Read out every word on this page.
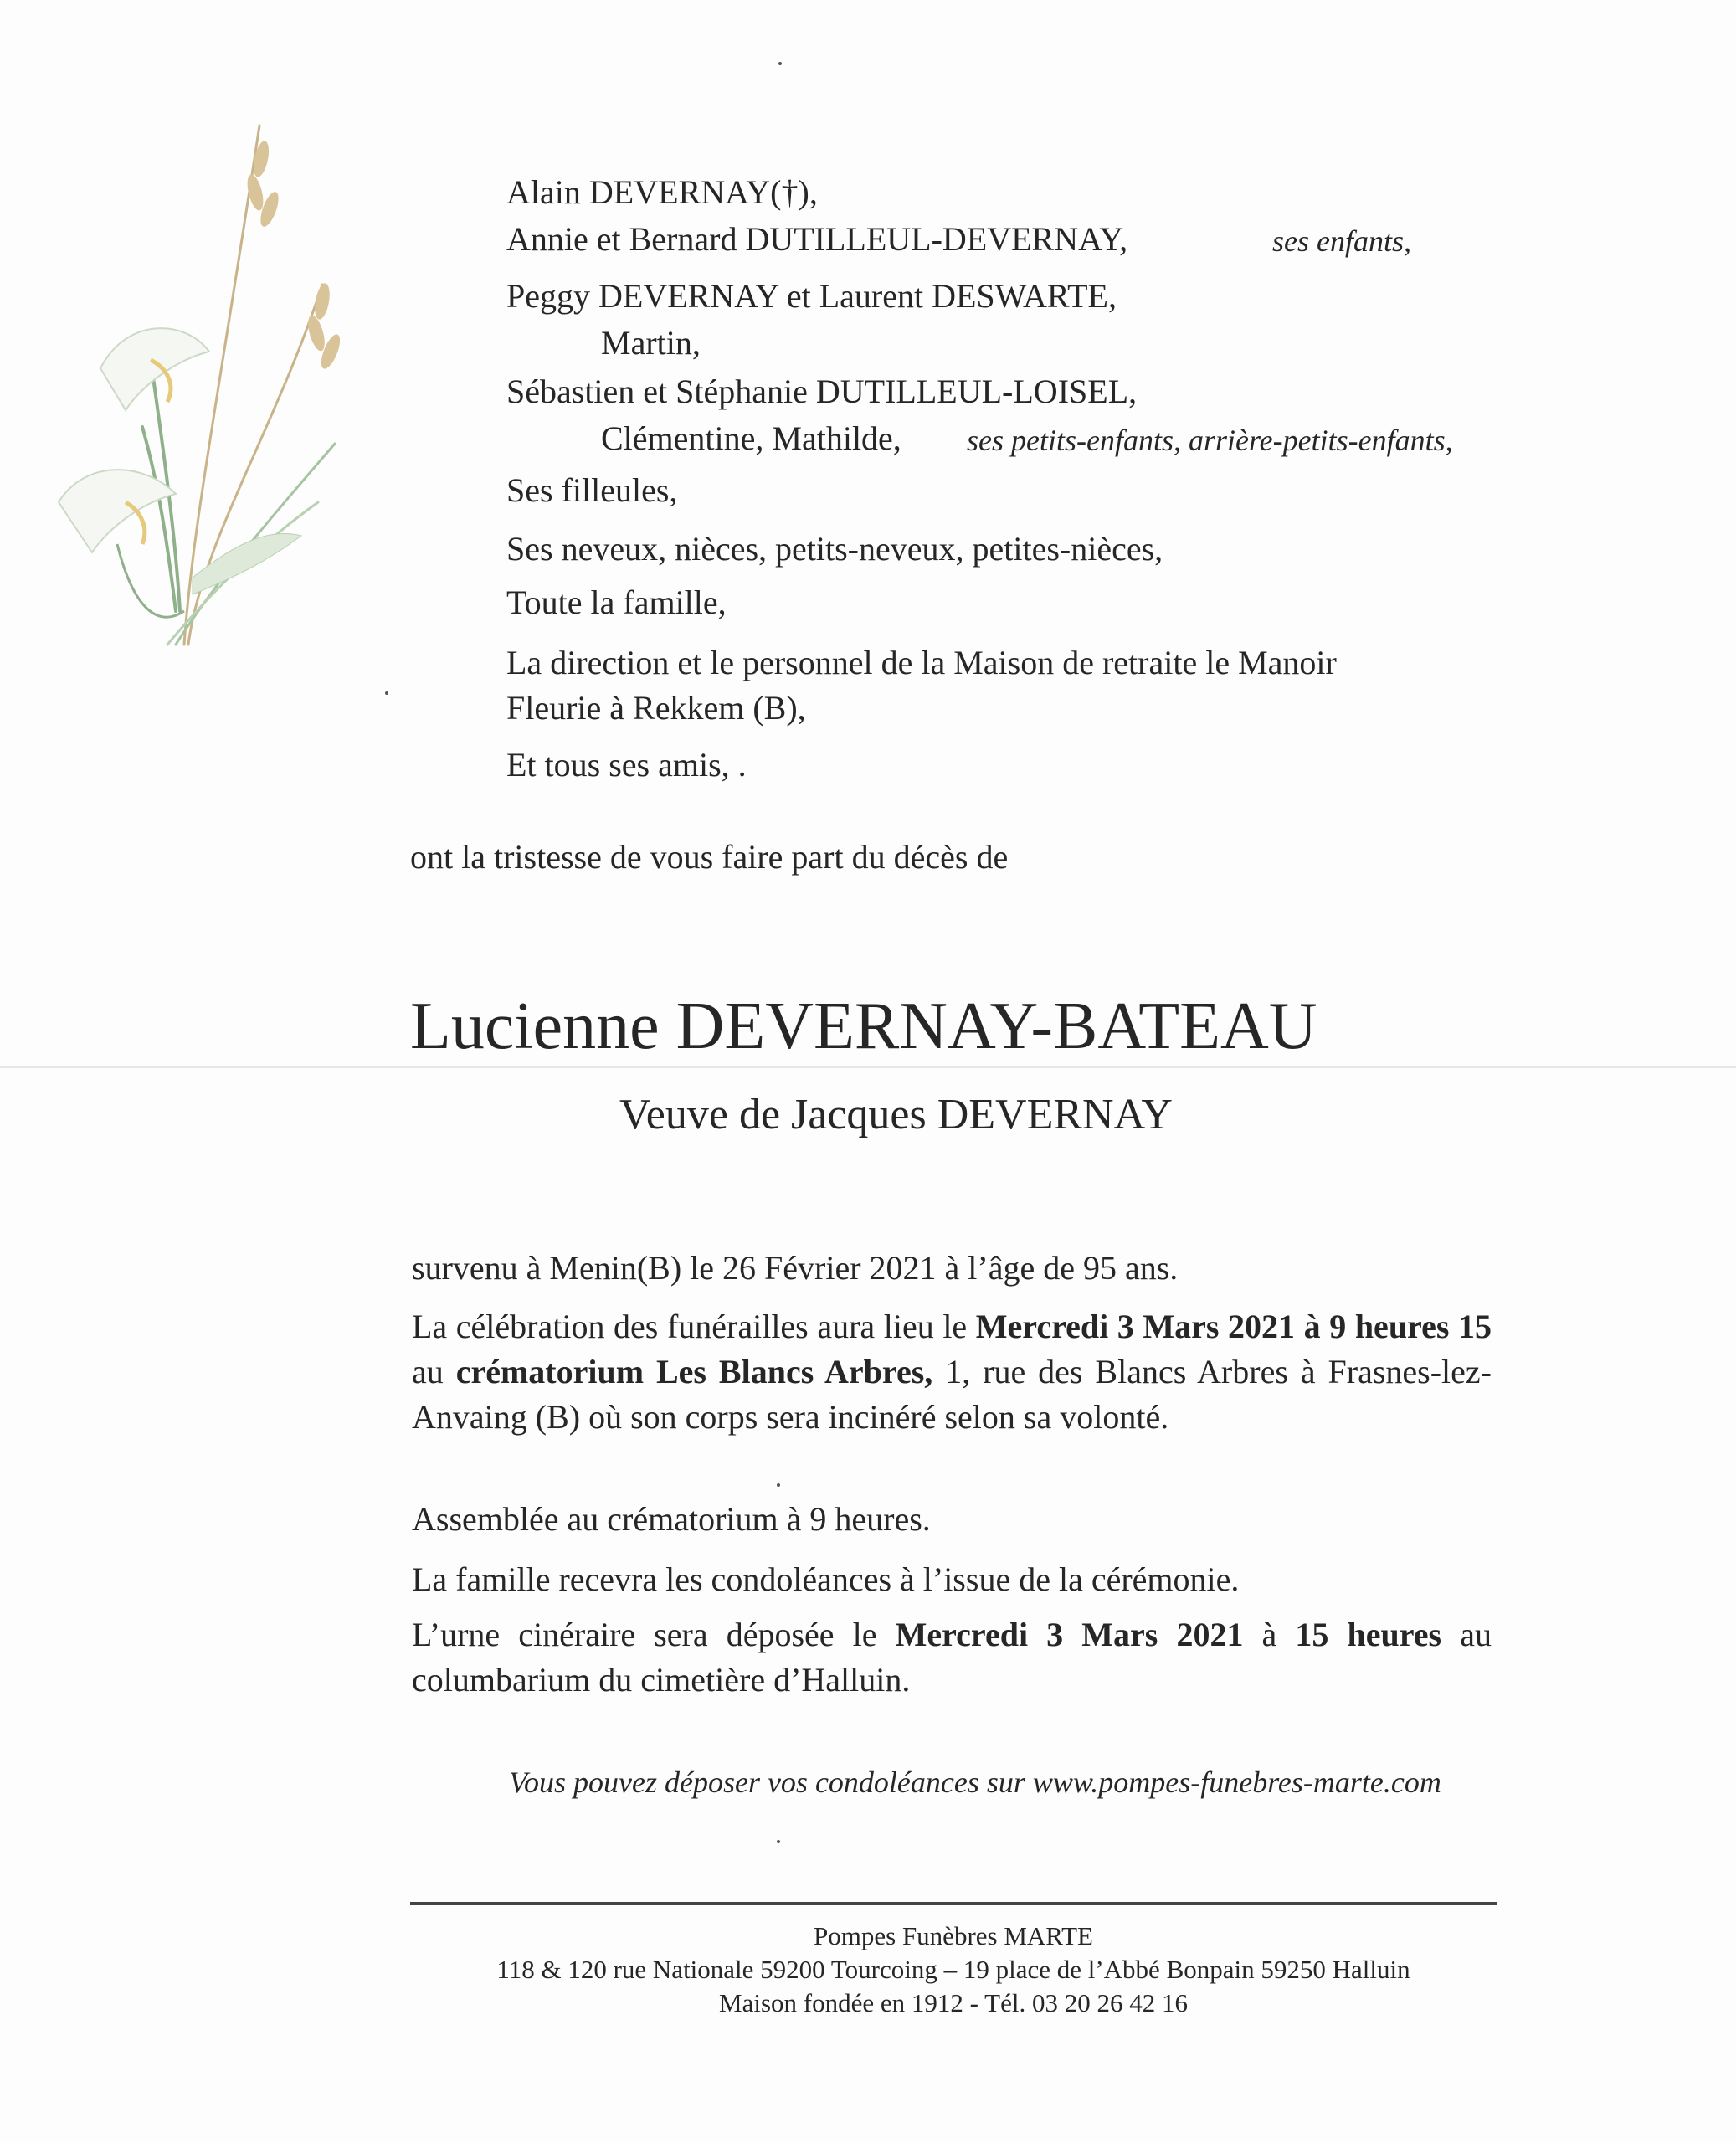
Alain DEVERNAY(†),
Annie et Bernard DUTILLEUL-DEVERNAY,	ses enfants,
Peggy DEVERNAY et Laurent DESWARTE,
Martin,
Sébastien et Stéphanie DUTILLEUL-LOISEL,
Clémentine, Mathilde, ses petits-enfants, arrière-petits-enfants,
Ses filleules,
Ses neveux, nièces, petits-neveux, petites-nièces,
Toute la famille,
La direction et le personnel de la Maison de retraite le Manoir
Fleurie à Rekkem (B),
Et tous ses amis, .
ont la tristesse de vous faire part du décès de
Lucienne DEVERNAY-BATEAU
Veuve de Jacques DEVERNAY
survenu à Menin(B) le 26 Février 2021 à l’âge de 95 ans.
La célébration des funérailles aura lieu le Mercredi 3 Mars 2021 à 9 heures 15 au crématorium Les Blancs Arbres, 1, rue des Blancs Arbres à Frasnes-lez-Anvaing (B) où son corps sera incinéré selon sa volonté.
Assemblée au crématorium à 9 heures.
La famille recevra les condoléances à l’issue de la cérémonie.
L’urne cinéraire sera déposée le Mercredi 3 Mars 2021 à 15 heures au columbarium du cimetière d’Halluin.
Vous pouvez déposer vos condoléances sur www.pompes-funebres-marte.com
Pompes Funèbres MARTE
118 & 120 rue Nationale 59200 Tourcoing – 19 place de l’Abbé Bonpain 59250 Halluin
Maison fondée en 1912 - Tél. 03 20 26 42 16
